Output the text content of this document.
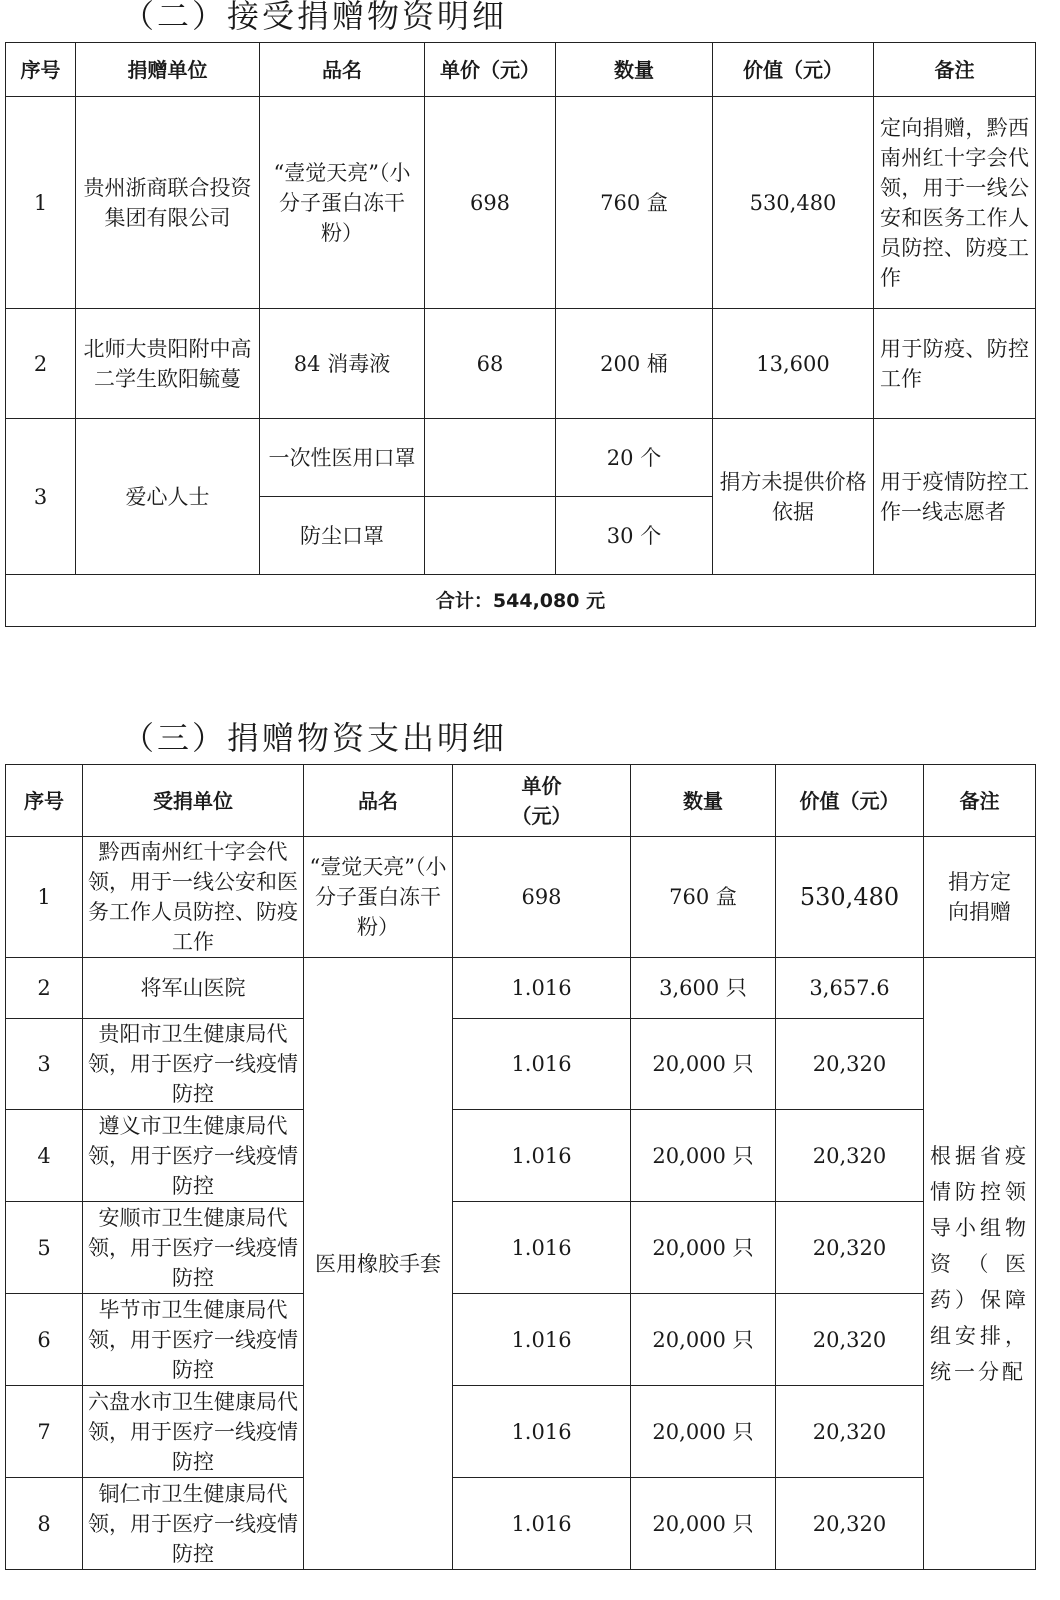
（二）接受捐赠物资明细
序号	捐赠单位	品名	单价（元）	数量	价值（元）	备注
1	贵州浙商联合投资集团有限公司	“壹觉天亮”（小分子蛋白冻干粉）	698	760 盒	530,480	定向捐赠，黔西南州红十字会代领，用于一线公安和医务工作人员防控、防疫工作
2	北师大贵阳附中高二学生欧阳毓蔓	84 消毒液	68	200 桶	13,600	用于防疫、防控工作
3	爱心人士	一次性医用口罩		20 个	捐方未提供价格依据	用于疫情防控工作一线志愿者
		防尘口罩		30 个		
合计：544,080 元						
（三）捐赠物资支出明细
序号	受捐单位	品名	单价（元）	数量	价值（元）	备注
1	黔西南州红十字会代领，用于一线公安和医务工作人员防控、防疫工作	“壹觉天亮”（小分子蛋白冻干粉）	698	760 盒	530,480	捐方定向捐赠
2	将军山医院	医用橡胶手套	1.016	3,600 只	3,657.6	根据省疫情防控领导小组物资（医药）保障组安排，统一分配
3	贵阳市卫生健康局代领，用于医疗一线疫情防控		1.016	20,000 只	20,320	
4	遵义市卫生健康局代领，用于医疗一线疫情防控		1.016	20,000 只	20,320	
5	安顺市卫生健康局代领，用于医疗一线疫情防控		1.016	20,000 只	20,320	
6	毕节市卫生健康局代领，用于医疗一线疫情防控		1.016	20,000 只	20,320	
7	六盘水市卫生健康局代领，用于医疗一线疫情防控		1.016	20,000 只	20,320	
8	铜仁市卫生健康局代领，用于医疗一线疫情防控		1.016	20,000 只	20,320	
